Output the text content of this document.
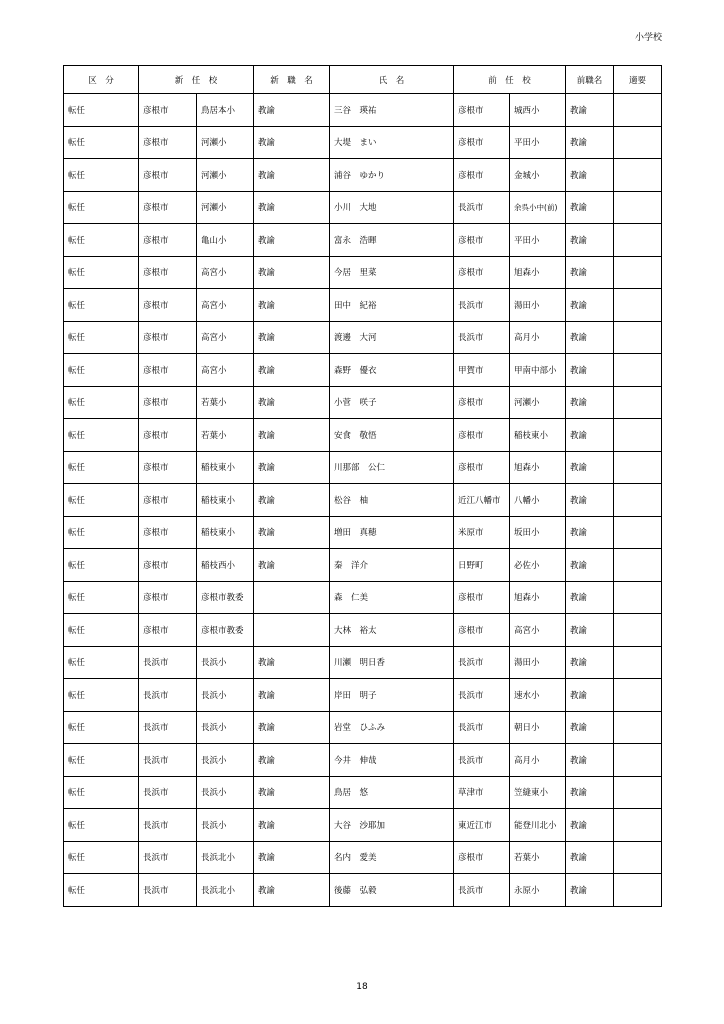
小学校
区　分	新　任　校		新　職　名	氏　名	前　任　校		前職名	適要
転任	彦根市	鳥居本小	教諭	三谷　瑛祐	彦根市	城西小	教諭	
転任	彦根市	河瀬小	教諭	大堤　まい	彦根市	平田小	教諭	
転任	彦根市	河瀬小	教諭	浦谷　ゆかり	彦根市	金城小	教諭	
転任	彦根市	河瀬小	教諭	小川　大地	長浜市	余呉小中(前)	教諭	
転任	彦根市	亀山小	教諭	富永　浩暉	彦根市	平田小	教諭	
転任	彦根市	高宮小	教諭	今居　里菜	彦根市	旭森小	教諭	
転任	彦根市	高宮小	教諭	田中　紀裕	長浜市	湯田小	教諭	
転任	彦根市	高宮小	教諭	渡邊　大河	長浜市	高月小	教諭	
転任	彦根市	高宮小	教諭	森野　優衣	甲賀市	甲南中部小	教諭	
転任	彦根市	若葉小	教諭	小菅　咲子	彦根市	河瀬小	教諭	
転任	彦根市	若葉小	教諭	安食　敬悟	彦根市	稲枝東小	教諭	
転任	彦根市	稲枝東小	教諭	川那部　公仁	彦根市	旭森小	教諭	
転任	彦根市	稲枝東小	教諭	松谷　柚	近江八幡市	八幡小	教諭	
転任	彦根市	稲枝東小	教諭	増田　真穂	米原市	坂田小	教諭	
転任	彦根市	稲枝西小	教諭	秦　洋介	日野町	必佐小	教諭	
転任	彦根市	彦根市教委		森　仁美	彦根市	旭森小	教諭	
転任	彦根市	彦根市教委		大林　裕太	彦根市	高宮小	教諭	
転任	長浜市	長浜小	教諭	川瀬　明日香	長浜市	湯田小	教諭	
転任	長浜市	長浜小	教諭	岸田　明子	長浜市	速水小	教諭	
転任	長浜市	長浜小	教諭	岩堂　ひふみ	長浜市	朝日小	教諭	
転任	長浜市	長浜小	教諭	今井　伸哉	長浜市	高月小	教諭	
転任	長浜市	長浜小	教諭	鳥居　悠	草津市	笠縫東小	教諭	
転任	長浜市	長浜小	教諭	大谷　沙耶加	東近江市	能登川北小	教諭	
転任	長浜市	長浜北小	教諭	名内　愛美	彦根市	若葉小	教諭	
転任	長浜市	長浜北小	教諭	後藤　弘毅	長浜市	永原小	教諭	
18
